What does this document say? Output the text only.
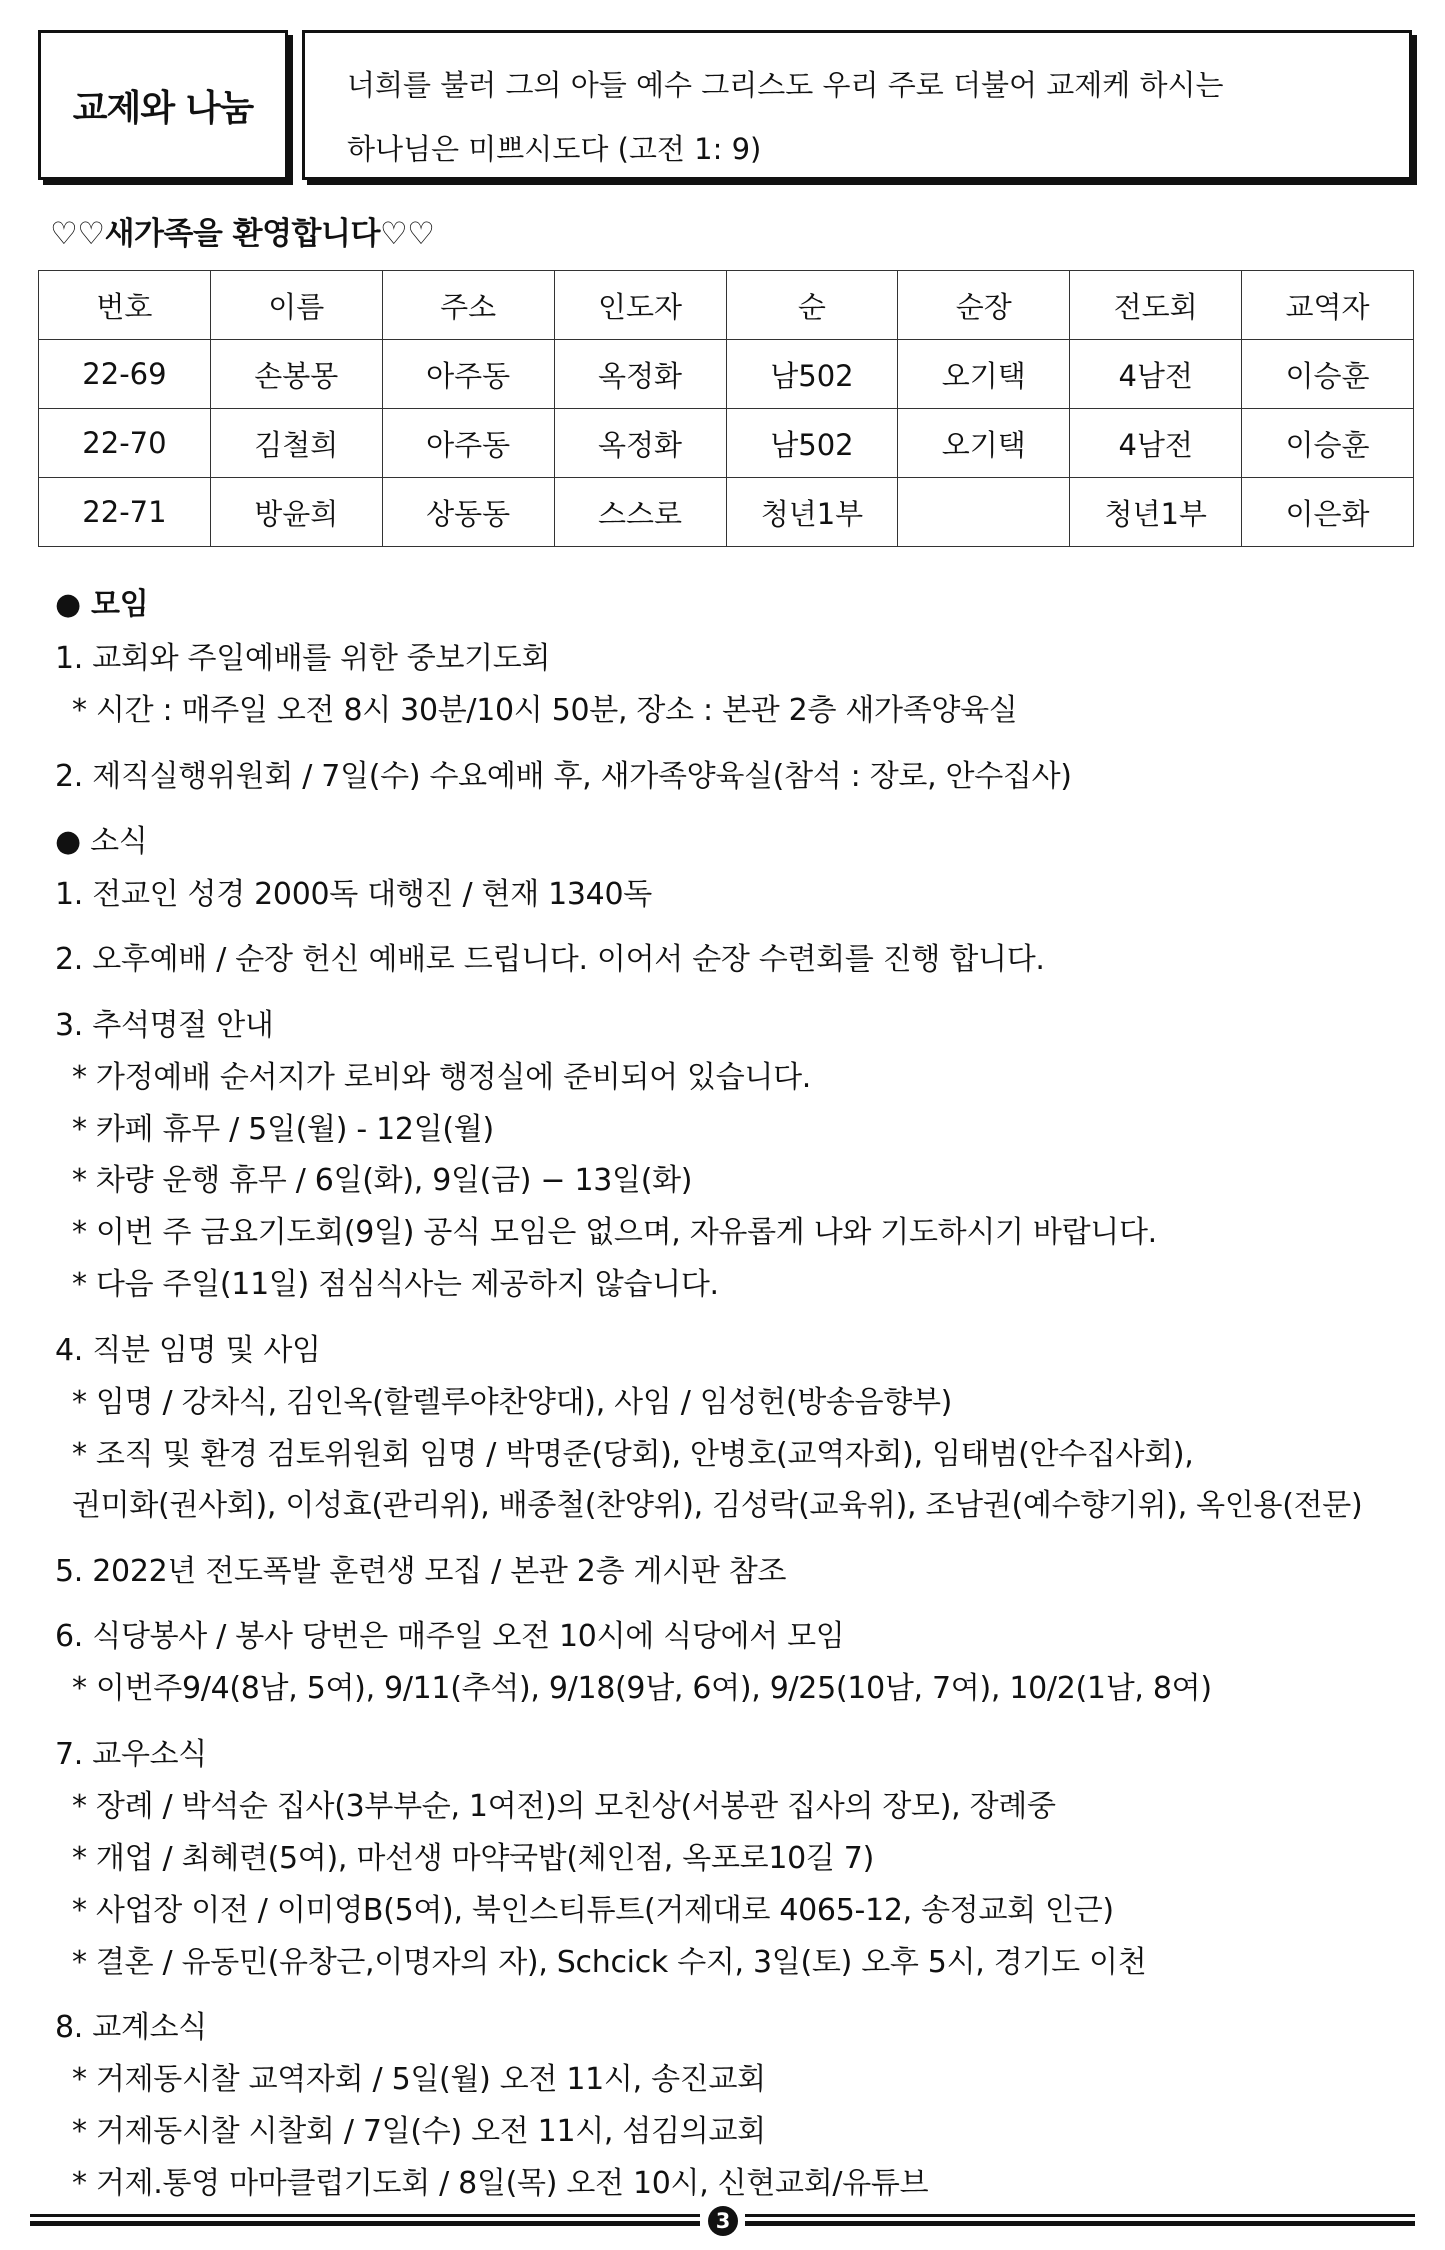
교제와 나눔
너희를 불러 그의 아들 예수 그리스도 우리 주로 더불어 교제케 하시는
하나님은 미쁘시도다 (고전 1: 9)
♡♡새가족을 환영합니다♡♡
번호	이름	주소	인도자	순	순장	전도회	교역자
22-69	손봉몽	아주동	옥정화	남502	오기택	4남전	이승훈
22-70	김철희	아주동	옥정화	남502	오기택	4남전	이승훈
22-71	방윤희	상동동	스스로	청년1부		청년1부	이은화
● 모임
1. 교회와 주일예배를 위한 중보기도회
* 시간 : 매주일 오전 8시 30분/10시 50분, 장소 : 본관 2층 새가족양육실
2. 제직실행위원회 / 7일(수) 수요예배 후, 새가족양육실(참석 : 장로, 안수집사)
● 소식
1. 전교인 성경 2000독 대행진 / 현재 1340독
2. 오후예배 / 순장 헌신 예배로 드립니다. 이어서 순장 수련회를 진행 합니다.
3. 추석명절 안내
* 가정예배 순서지가 로비와 행정실에 준비되어 있습니다.
* 카페 휴무 / 5일(월) - 12일(월)
* 차량 운행 휴무 / 6일(화), 9일(금) − 13일(화)
* 이번 주 금요기도회(9일) 공식 모임은 없으며, 자유롭게 나와 기도하시기 바랍니다.
* 다음 주일(11일) 점심식사는 제공하지 않습니다.
4. 직분 임명 및 사임
* 임명 / 강차식, 김인옥(할렐루야찬양대), 사임 / 임성헌(방송음향부)
* 조직 및 환경 검토위원회 임명 / 박명준(당회), 안병호(교역자회), 임태범(안수집사회),
권미화(권사회), 이성효(관리위), 배종철(찬양위), 김성락(교육위), 조남권(예수향기위), 옥인용(전문)
5. 2022년 전도폭발 훈련생 모집 / 본관 2층 게시판 참조
6. 식당봉사 / 봉사 당번은 매주일 오전 10시에 식당에서 모임
* 이번주9/4(8남, 5여), 9/11(추석), 9/18(9남, 6여), 9/25(10남, 7여), 10/2(1남, 8여)
7. 교우소식
* 장례 / 박석순 집사(3부부순, 1여전)의 모친상(서봉관 집사의 장모), 장례중
* 개업 / 최혜련(5여), 마선생 마약국밥(체인점, 옥포로10길 7)
* 사업장 이전 / 이미영B(5여), 북인스티튜트(거제대로 4065-12, 송정교회 인근)
* 결혼 / 유동민(유창근,이명자의 자), Schcick 수지, 3일(토) 오후 5시, 경기도 이천
8. 교계소식
* 거제동시찰 교역자회 / 5일(월) 오전 11시, 송진교회
* 거제동시찰 시찰회 / 7일(수) 오전 11시, 섬김의교회
* 거제.통영 마마클럽기도회 / 8일(목) 오전 10시, 신현교회/유튜브
3
